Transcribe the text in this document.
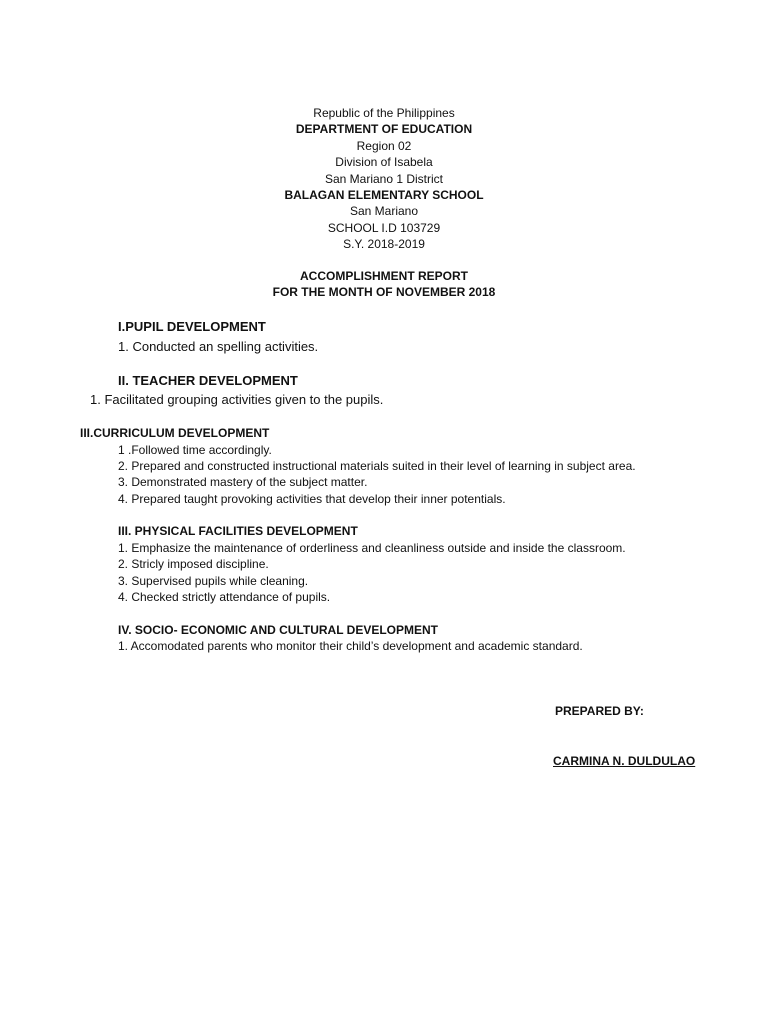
Republic of the Philippines
DEPARTMENT OF EDUCATION
Region 02
Division of Isabela
San Mariano 1 District
BALAGAN ELEMENTARY SCHOOL
San Mariano
SCHOOL I.D 103729
S.Y. 2018-2019
ACCOMPLISHMENT REPORT
FOR THE MONTH OF NOVEMBER 2018
I.PUPIL DEVELOPMENT
1. Conducted an spelling activities.
II. TEACHER DEVELOPMENT
1. Facilitated grouping activities given to the pupils.
III.CURRICULUM DEVELOPMENT
1 .Followed time accordingly.
2. Prepared and constructed instructional materials suited in their level of learning in subject area.
3. Demonstrated mastery of the subject matter.
4. Prepared taught provoking activities that develop their inner potentials.
III. PHYSICAL FACILITIES DEVELOPMENT
1. Emphasize the maintenance of orderliness and cleanliness outside and inside the classroom.
2. Stricly imposed discipline.
3. Supervised pupils while cleaning.
4. Checked strictly attendance of pupils.
IV. SOCIO- ECONOMIC AND CULTURAL DEVELOPMENT
1. Accomodated parents who monitor their child’s development and academic standard.
PREPARED BY:
CARMINA N. DULDULAO
